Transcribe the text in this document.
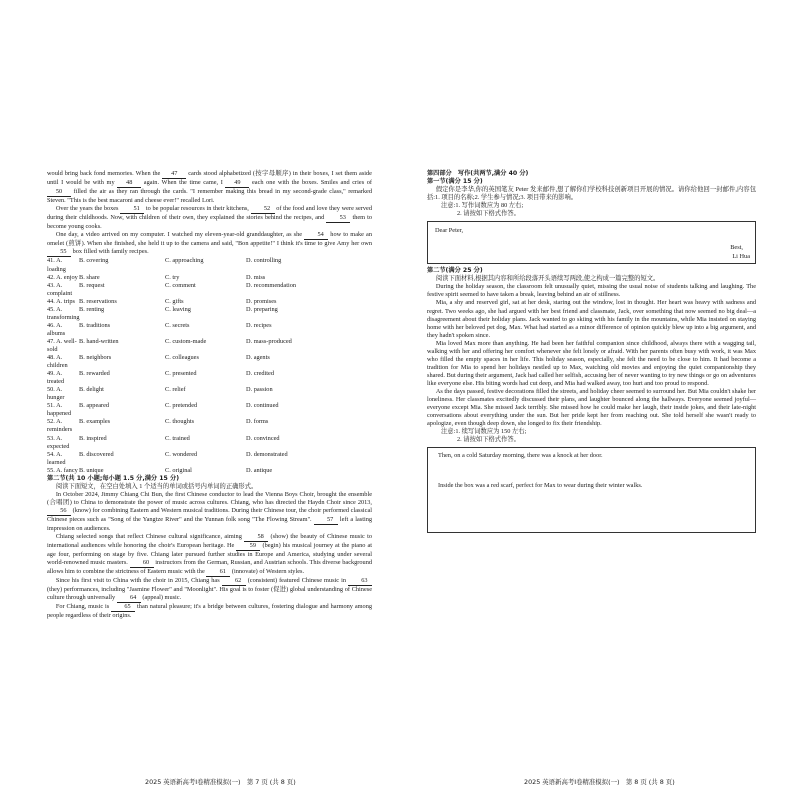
would bring back fond memories. When the 47 cards stood alphabetized (按字母顺序) in their boxes, I set them aside until I would be with my 48 again. When the time came, I 49 each one with the boxes. Smiles and cries of 50 filled the air as they ran through the cards. "I remember making this bread in my second-grade class," remarked Steven. "This is the best macaroni and cheese ever!" recalled Lori.

Over the years the boxes 51 to be popular resources in their kitchens, 52 of the food and love they were served during their childhoods. Now, with children of their own, they explained the stories behind the recipes, and 53 them to become young cooks.

One day, a video arrived on my computer. I watched my eleven-year-old granddaughter, as she 54 how to make an omelet (煎饼). When she finished, she held it up to the camera and said, "Bon appetite!" I think it's time to give Amy her own 55 box filled with family recipes.

41. A. loading
B. covering	C. approaching	D. controlling
42. A. enjoy B. share	C. try	D. miss
43. A. complaint
B. request	C. comment	D. recommendation
44. A. trips B. reservations	C. gifts	D. promises
45. A. transforming
B. renting	C. leaving	D. preparing
46. A. albums
B. traditions	C. secrets	D. recipes
47. A. well-sold
B. hand-written	C. custom-made	D. mass-produced
48. A. children
B. neighbors	C. colleagues	D. agents
49. A. treated
B. rewarded	C. presented	D. credited
50. A. hunger
B. delight	C. relief	D. passion
51. A. happened
B. appeared	C. pretended	D. continued
52. A. reminders
B. examples	C. thoughts	D. forms
53. A. expected
B. inspired	C. trained	D. convinced
54. A. learned
B. discovered	C. wondered	D. demonstrated
55. A. fancy B. unique	C. original	D. antique
第二节(共 10 小题;每小题 1.5 分,满分 15 分)

阅读下面短文，在空白处填入 1 个适当的单词或括号内单词的正确形式。

In October 2024, Jimmy Chiang Chi Bun, the first Chinese conductor to lead the Vienna Boys Choir, brought the ensemble (合唱团) to China to demonstrate the power of music across cultures. Chiang, who has directed the Haydn Choir since 2013, 56 (know) for combining Eastern and Western musical traditions. During their Chinese tour, the choir performed classical Chinese pieces such as "Song of the Yangtze River" and the Yunnan folk song "The Flowing Stream". 57 left a lasting impression on audiences.

Chiang selected songs that reflect Chinese cultural significance, aiming 58 (show) the beauty of Chinese music to international audiences while honoring the choir's European heritage. He 59 (begin) his musical journey at the piano at age four, performing on stage by five. Chiang later pursued further studies in Europe and America, studying under several world-renowned music masters. 60 instructors from the German, Russian, and Austrian schools. This diverse background allows him to combine the strictness of Eastern music with the 61 (innovate) of Western styles.

Since his first visit to China with the choir in 2015, Chiang has 62 (consistent) featured Chinese music in 63 (they) performances, including "Jasmine Flower" and "Moonlight". His goal is to foster (促进) global understanding of Chinese culture through universally 64 (appeal) music.

For Chiang, music is 65 than natural pleasure; it's a bridge between cultures, fostering dialogue and harmony among people regardless of their origins.

2025 英语新高考Ⅰ卷精准模拟(一)　第 7 页 (共 8 页)
第四部分　写作(共两节,满分 40 分)
第一节(满分 15 分)

假定你是李华,你的英国笔友 Peter 发来邮件,想了解你们学校科技创新项目开展的情况。请你给他回一封邮件,内容包括:1. 项目的名称;2. 学生参与情况;3. 项目带来的影响。

注意:1. 写作词数应为 80 左右;
2. 请按如下格式作答。
Dear Peter,
Best,
Li Hua
第二节(满分 25 分)

阅读下面材料,根据其内容和所给段落开头语续写两段,使之构成一篇完整的短文。

During the holiday season, the classroom felt unusually quiet, missing the usual noise of students talking and laughing. The festive spirit seemed to have taken a break, leaving behind an air of stillness.

Mia, a shy and reserved girl, sat at her desk, staring out the window, lost in thought. Her heart was heavy with sadness and regret. Two weeks ago, she had argued with her best friend and classmate, Jack, over something that now seemed no big deal—a disagreement about their holiday plans. Jack wanted to go skiing with his family in the mountains, while Mia insisted on staying home with her beloved pet dog, Max. What had started as a minor difference of opinion quickly blew up into a big argument, and they hadn't spoken since.

Mia loved Max more than anything. He had been her faithful companion since childhood, always there with a wagging tail, walking with her and offering her comfort whenever she felt lonely or afraid. With her parents often busy with work, it was Max who filled the empty spaces in her life. This holiday season, especially, she felt the need to be close to him. It had become a tradition for Mia to spend her holidays nestled up to Max, watching old movies and enjoying the quiet companionship they shared. But during their argument, Jack had called her selfish, accusing her of never wanting to try new things or go on adventures like everyone else. His biting words had cut deep, and Mia had walked away, too hurt and too proud to respond.

As the days passed, festive decorations filled the streets, and holiday cheer seemed to surround her. But Mia couldn't shake her loneliness. Her classmates excitedly discussed their plans, and laughter bounced along the hallways. Everyone seemed joyful—everyone except Mia. She missed Jack terribly. She missed how he could make her laugh, their inside jokes, and their late-night conversations about everything under the sun. But her pride kept her from reaching out. She told herself she wasn't ready to apologize, even though deep down, she longed to fix their friendship.

注意:1. 续写词数应为 150 左右;
2. 请按如下格式作答。
Then, on a cold Saturday morning, there was a knock at her door.
Inside the box was a red scarf, perfect for Max to wear during their winter walks.
2025 英语新高考Ⅰ卷精准模拟(一)　第 8 页 (共 8 页)
